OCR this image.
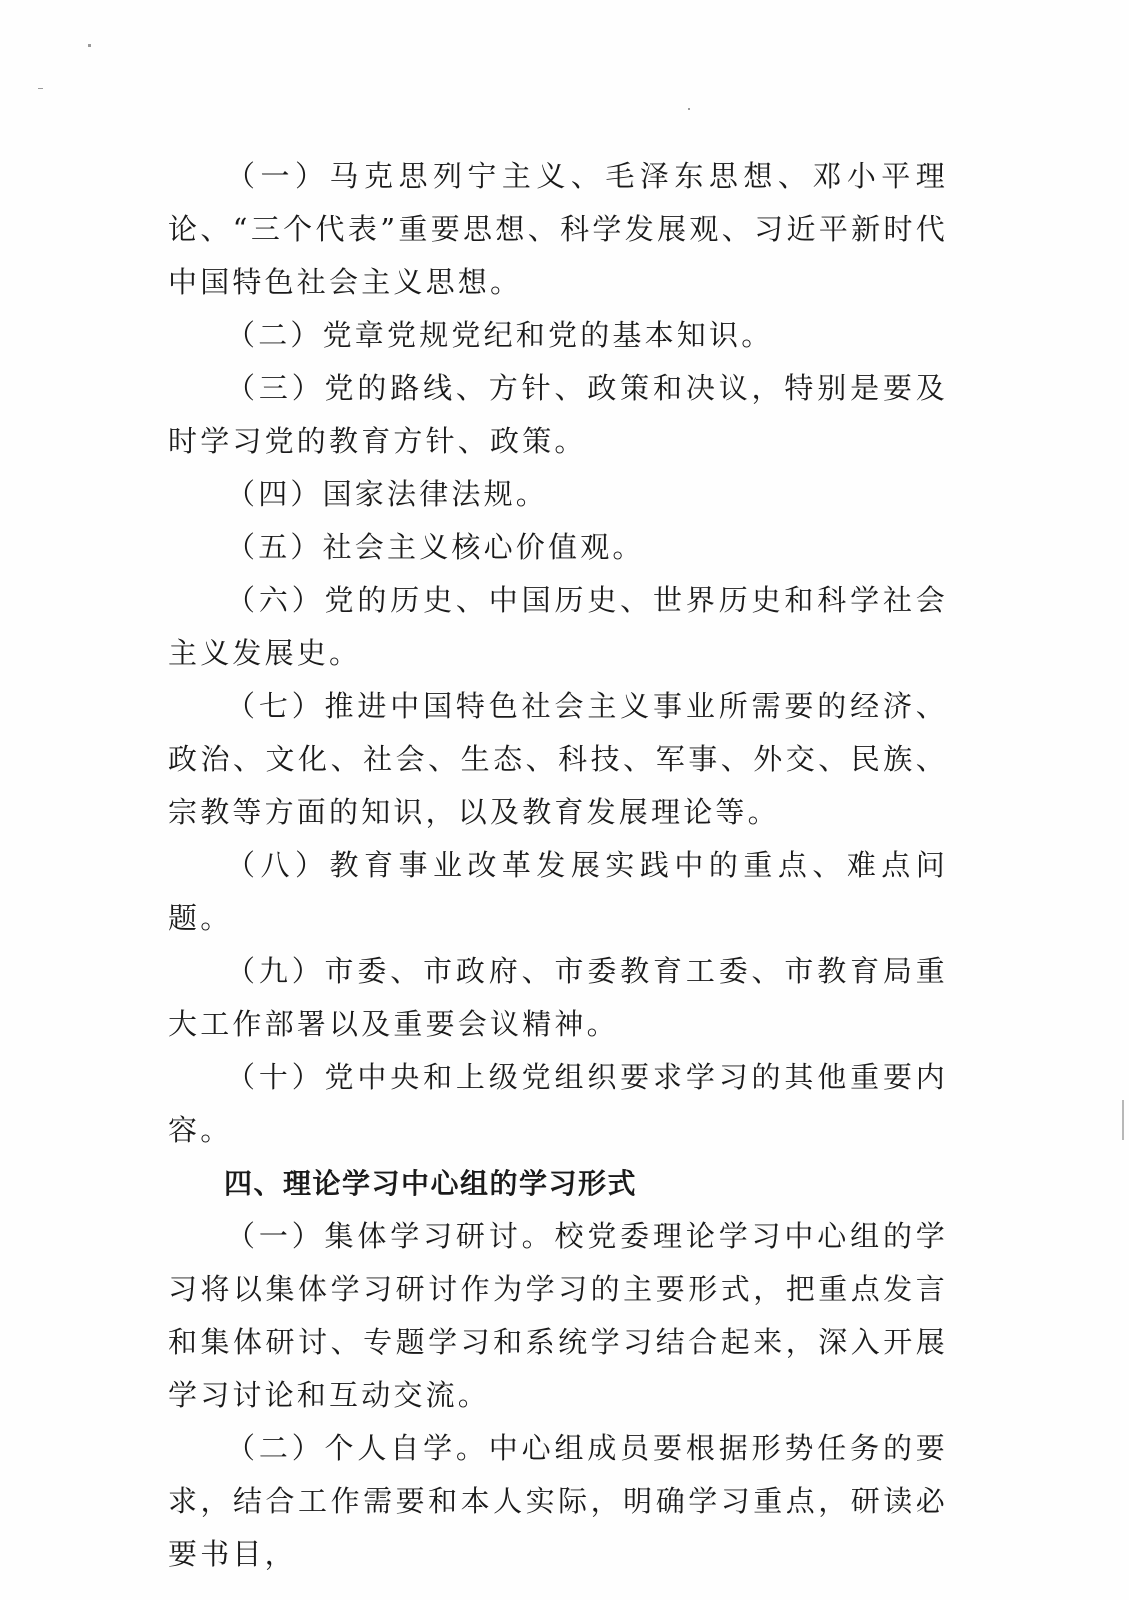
（一）马克思列宁主义、毛泽东思想、邓小平理论、“三个代表”重要思想、科学发展观、习近平新时代中国特色社会主义思想。

（二）党章党规党纪和党的基本知识。

（三）党的路线、方针、政策和决议，特别是要及时学习党的教育方针、政策。

（四）国家法律法规。

（五）社会主义核心价值观。

（六）党的历史、中国历史、世界历史和科学社会主义发展史。

（七）推进中国特色社会主义事业所需要的经济、政治、文化、社会、生态、科技、军事、外交、民族、宗教等方面的知识，以及教育发展理论等。

（八）教育事业改革发展实践中的重点、难点问题。

（九）市委、市政府、市委教育工委、市教育局重大工作部署以及重要会议精神。

（十）党中央和上级党组织要求学习的其他重要内容。

四、理论学习中心组的学习形式

（一）集体学习研讨。校党委理论学习中心组的学习将以集体学习研讨作为学习的主要形式，把重点发言和集体研讨、专题学习和系统学习结合起来，深入开展学习讨论和互动交流。

（二）个人自学。中心组成员要根据形势任务的要求，结合工作需要和本人实际，明确学习重点，研读必要书目，
